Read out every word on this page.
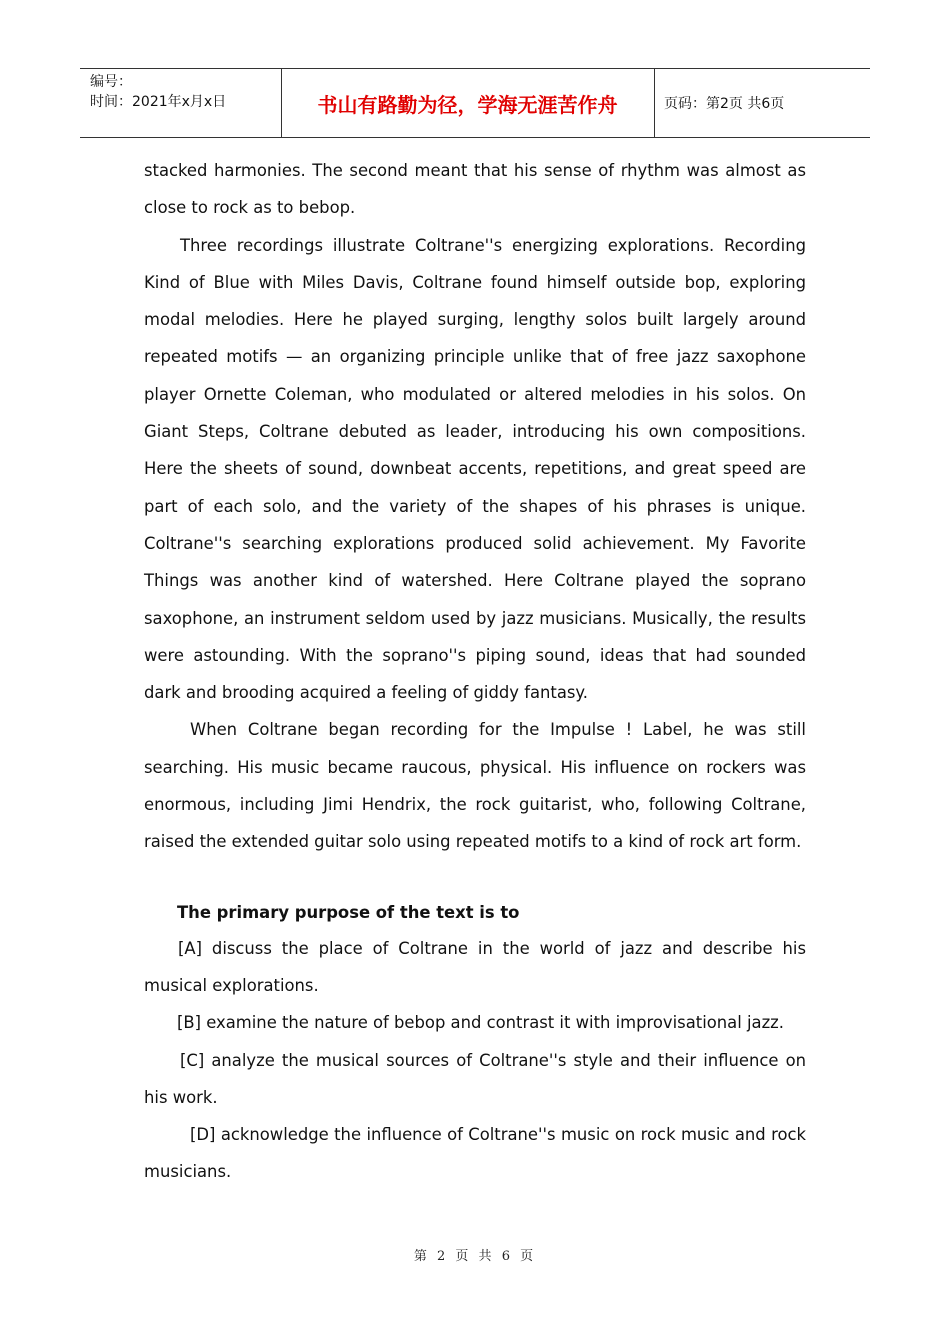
编号：
时间：2021年x月x日	书山有路勤为径，学海无涯苦作舟	页码：第2页 共6页

stacked harmonies. The second meant that his sense of rhythm was almost as close to rock as to bebop.

Three recordings illustrate Coltrane''s energizing explorations. Recording Kind of Blue with Miles Davis, Coltrane found himself outside bop, exploring modal melodies. Here he played surging, lengthy solos built largely around repeated motifs — an organizing principle unlike that of free jazz saxophone player Ornette Coleman, who modulated or altered melodies in his solos. On Giant Steps, Coltrane debuted as leader, introducing his own compositions. Here the sheets of sound, downbeat accents, repetitions, and great speed are part of each solo, and the variety of the shapes of his phrases is unique. Coltrane''s searching explorations produced solid achievement. My Favorite Things was another kind of watershed. Here Coltrane played the soprano saxophone, an instrument seldom used by jazz musicians. Musically, the results were astounding. With the soprano''s piping sound, ideas that had sounded dark and brooding acquired a feeling of giddy fantasy.

When Coltrane began recording for the Impulse ! Label, he was still searching. His music became raucous, physical. His influence on rockers was enormous, including Jimi Hendrix, the rock guitarist, who, following Coltrane, raised the extended guitar solo using repeated motifs to a kind of rock art form.

The primary purpose of the text is to

[A] discuss the place of Coltrane in the world of jazz and describe his musical explorations.

[B] examine the nature of bebop and contrast it with improvisational jazz.

[C] analyze the musical sources of Coltrane''s style and their influence on his work.

[D] acknowledge the influence of Coltrane''s music on rock music and rock musicians.

第 2 页 共 6 页
